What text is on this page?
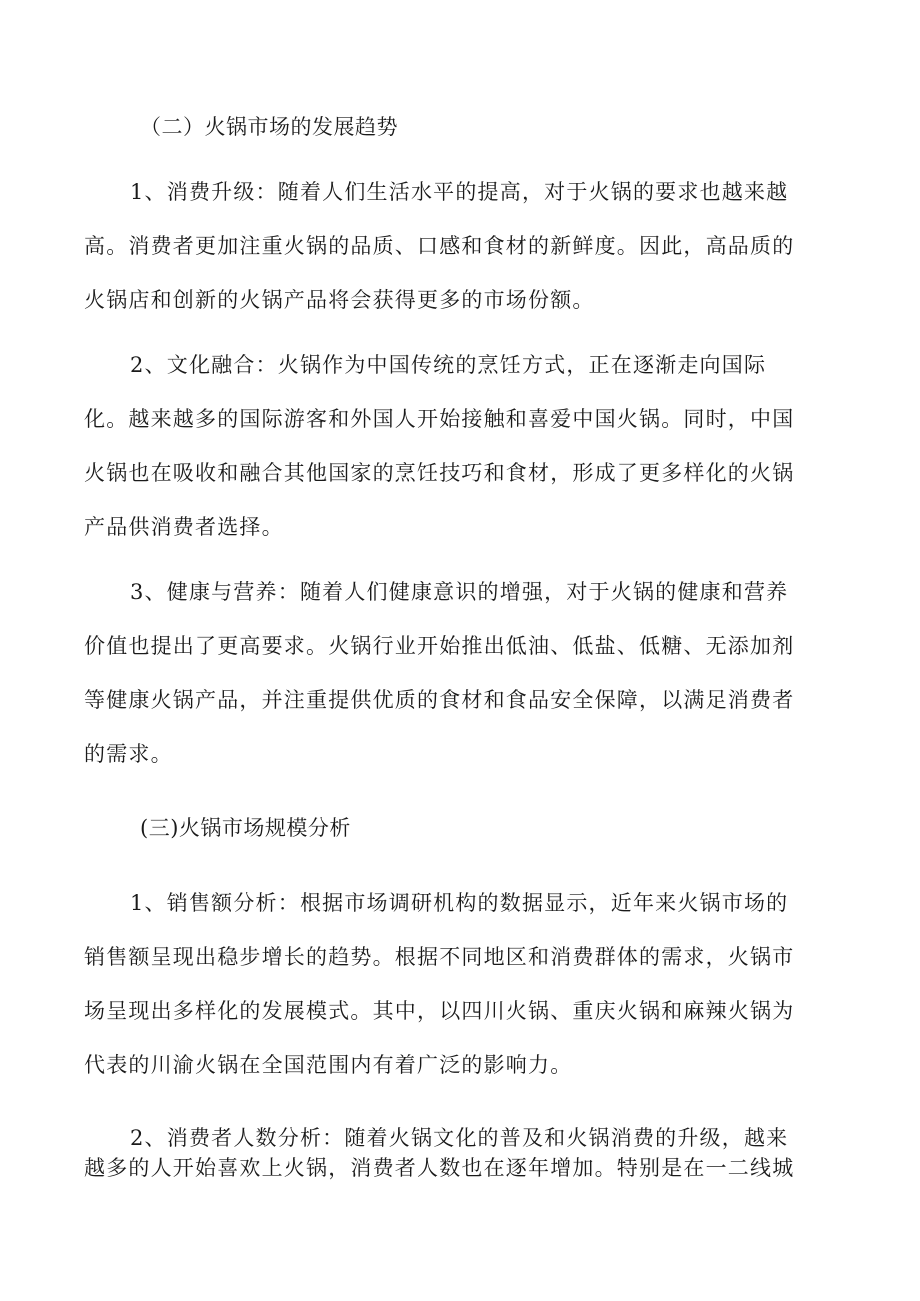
（二）火锅市场的发展趋势
1、消费升级：随着人们生活水平的提高，对于火锅的要求也越来越
高。消费者更加注重火锅的品质、口感和食材的新鲜度。因此，高品质的
火锅店和创新的火锅产品将会获得更多的市场份额。
2、文化融合：火锅作为中国传统的烹饪方式，正在逐渐走向国际
化。越来越多的国际游客和外国人开始接触和喜爱中国火锅。同时，中国
火锅也在吸收和融合其他国家的烹饪技巧和食材，形成了更多样化的火锅
产品供消费者选择。
3、健康与营养：随着人们健康意识的增强，对于火锅的健康和营养
价值也提出了更高要求。火锅行业开始推出低油、低盐、低糖、无添加剂
等健康火锅产品，并注重提供优质的食材和食品安全保障，以满足消费者
的需求。
(三)火锅市场规模分析
1、销售额分析：根据市场调研机构的数据显示，近年来火锅市场的
销售额呈现出稳步增长的趋势。根据不同地区和消费群体的需求，火锅市
场呈现出多样化的发展模式。其中，以四川火锅、重庆火锅和麻辣火锅为
代表的川渝火锅在全国范围内有着广泛的影响力。
2、消费者人数分析：随着火锅文化的普及和火锅消费的升级，越来
越多的人开始喜欢上火锅，消费者人数也在逐年增加。特别是在一二线城
